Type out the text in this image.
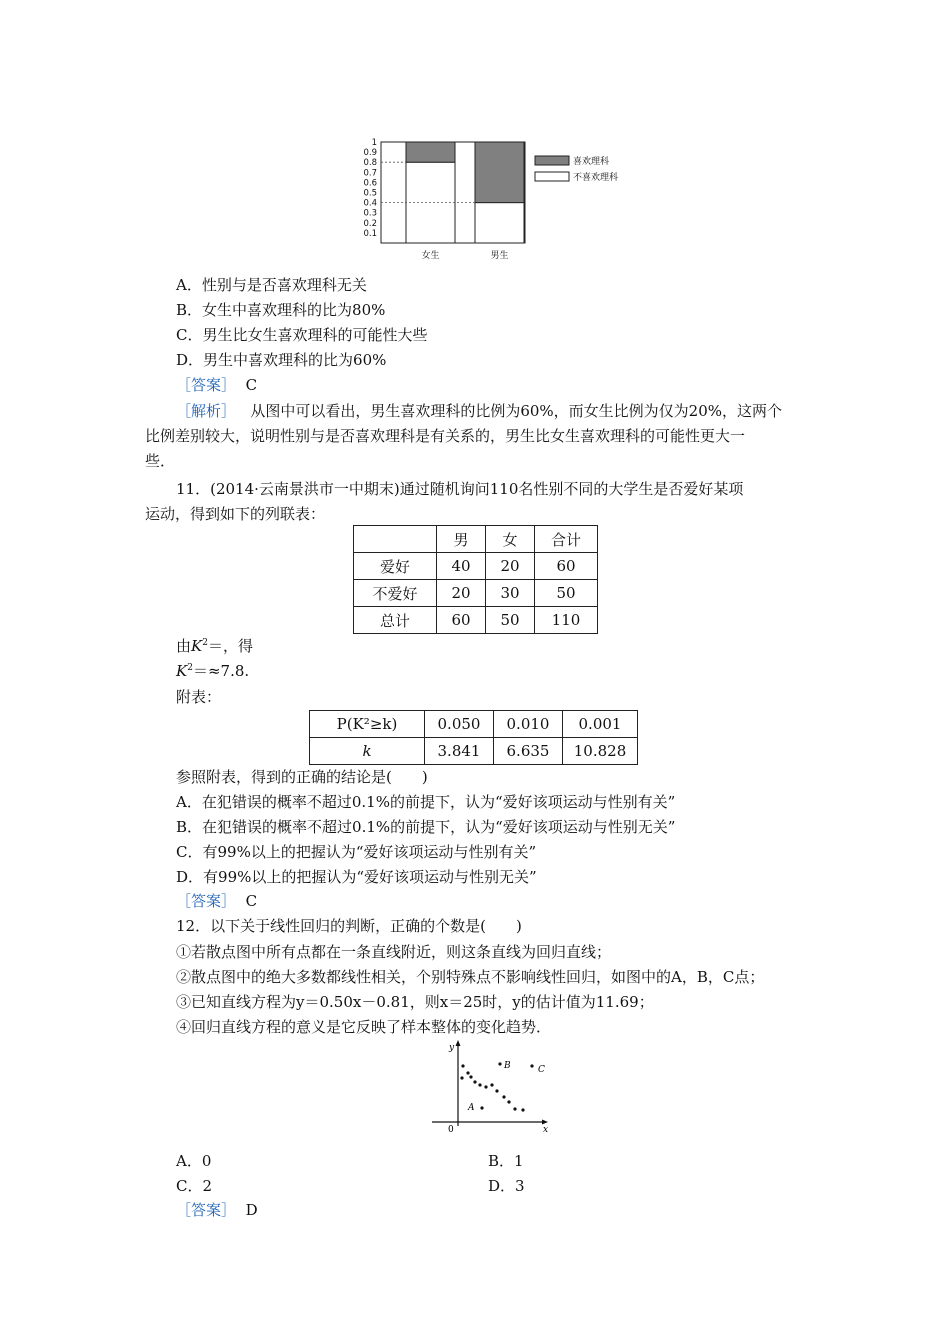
0.1
0.2
0.3
0.4
0.5
0.6
0.7
0.8
0.9
1
女生	男生
喜欢理科
不喜欢理科
A．性别与是否喜欢理科无关
B．女生中喜欢理科的比为80%
C．男生比女生喜欢理科的可能性大些
D．男生中喜欢理科的比为60%
［答案］ C
［解析］ 从图中可以看出，男生喜欢理科的比例为60%，而女生比例为仅为20%，这两个
比例差别较大，说明性别与是否喜欢理科是有关系的，男生比女生喜欢理科的可能性更大一
些．
11．(2014·云南景洪市一中期末)通过随机询问110名性别不同的大学生是否爱好某项
运动，得到如下的列联表：
	男	女	合计
爱好	40	20	60
不爱好	20	30	50
总计	60	50	110
由$K^2=$，得
$K^2=\approx 7.8$.
附表：
P(K²≥k)	0.050	0.010	0.001
k	3.841	6.635	10.828
参照附表，得到的正确的结论是(　　)
A．在犯错误的概率不超过0.1%的前提下，认为“爱好该项运动与性别有关”
B．在犯错误的概率不超过0.1%的前提下，认为“爱好该项运动与性别无关”
C．有99%以上的把握认为“爱好该项运动与性别有关”
D．有99%以上的把握认为“爱好该项运动与性别无关”
［答案］ C
12．以下关于线性回归的判断，正确的个数是(　　)
①若散点图中所有点都在一条直线附近，则这条直线为回归直线；
②散点图中的绝大多数都线性相关，个别特殊点不影响线性回归，如图中的A，B，C点；
③已知直线方程为y＝0.50x－0.81，则x＝25时，y的估计值为11.69；
④回归直线方程的意义是它反映了样本整体的变化趋势．
y
x
0
A
B	C
A．0	B．1
C．2	D．3
［答案］ D
